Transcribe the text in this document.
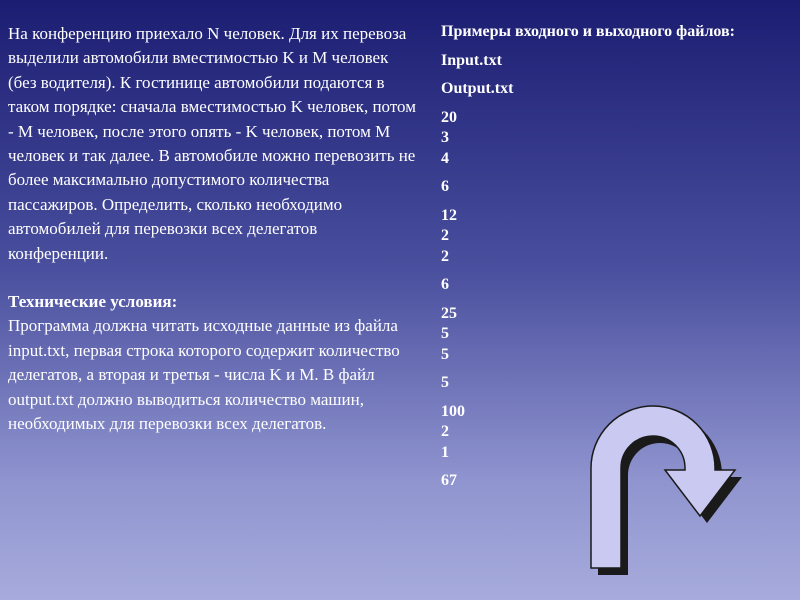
На конференцию приехало N человек. Для их перевоза выделили автомобили вместимостью K и M человек (без водителя). К гостинице автомобили подаются в таком порядке: сначала вместимостью K человек, потом - M человек, после этого опять - K человек, потом M человек и так далее. В автомобиле можно перевозить не более максимально допустимого количества пассажиров. Определить, сколько необходимо автомобилей для перевозки всех делегатов конференции.

Технические условия:

Программа должна читать исходные данные из файла input.txt, первая строка которого содержит количество делегатов, а вторая и третья - числа K и M. В файл output.txt должно выводиться количество машин, необходимых для перевозки всех делегатов.

Примеры входного и выходного файлов:

Input.txt

Output.txt

20
3
4
6
12
2
2
6
25
5
5
5
100
2
1
67
